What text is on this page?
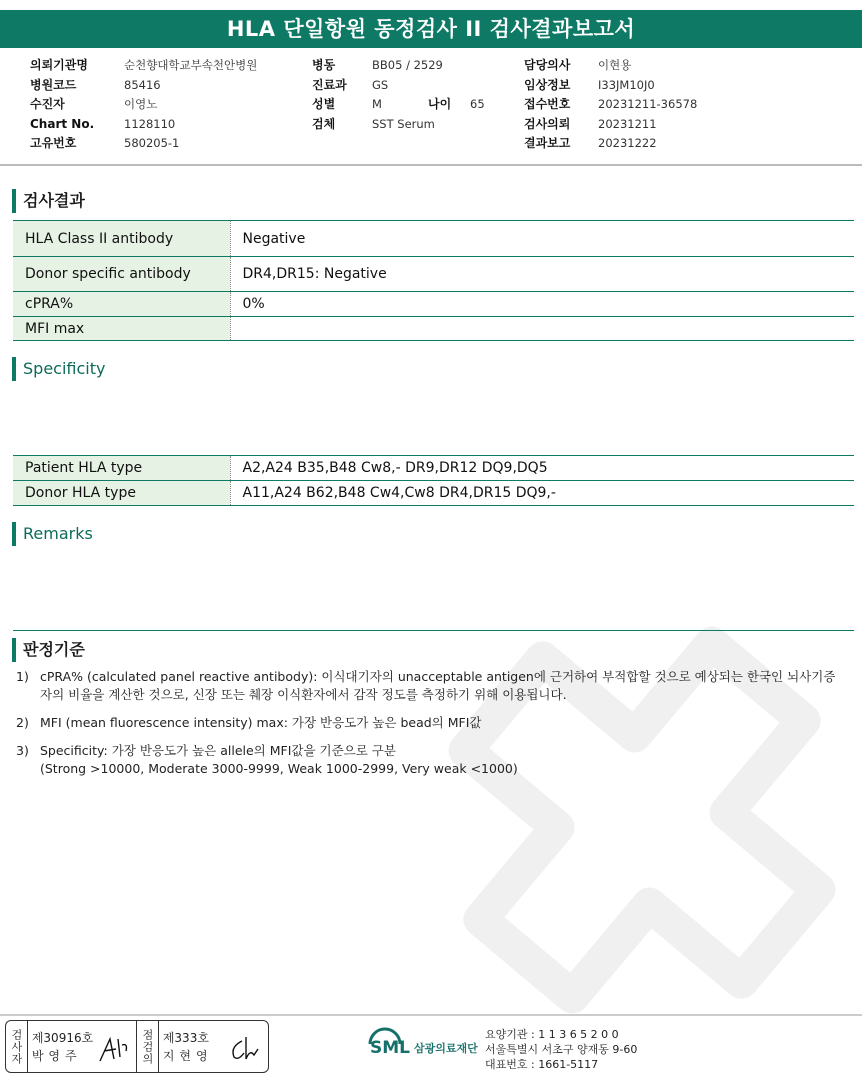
HLA 단일항원 동정검사 II 검사결과보고서
의뢰기관명	순천향대학교부속천안병원
병원코드	85416
수진자	이영노
Chart No.	1128110
고유번호	580205-1
병동	BB05 / 2529
진료과	GS
성별	M	나이	65
검체	SST Serum
담당의사	이현용
임상정보	I33JM10J0
접수번호	20231211-36578
검사의뢰	20231211
결과보고	20231222
검사결과
HLA Class II antibody	Negative
Donor specific antibody	DR4,DR15: Negative
cPRA%	0%
MFI max	
Specificity
Patient HLA type	A2,A24 B35,B48 Cw8,- DR9,DR12 DQ9,DQ5
Donor HLA type	A11,A24 B62,B48 Cw4,Cw8 DR4,DR15 DQ9,-
Remarks
판정기준
1) cPRA% (calculated panel reactive antibody): 이식대기자의 unacceptable antigen에 근거하여 부적합할 것으로 예상되는 한국인 뇌사기증자의 비율을 계산한 것으로, 신장 또는 췌장 이식환자에서 감작 정도를 측정하기 위해 이용됩니다.
2) MFI (mean fluorescence intensity) max: 가장 반응도가 높은 bead의 MFI값
3) Specificity: 가장 반응도가 높은 allele의 MFI값을 기준으로 구분
(Strong >10000, Moderate 3000-9999, Weak 1000-2999, Very weak <1000)
검사자 제30916호
박영주	점검의 제333호
지현영	SML 삼광의료재단
요양기관 : 1 1 3 6 5 2 0 0
서울특별시 서초구 양재동 9-60
대표번호 : 1661-5117
